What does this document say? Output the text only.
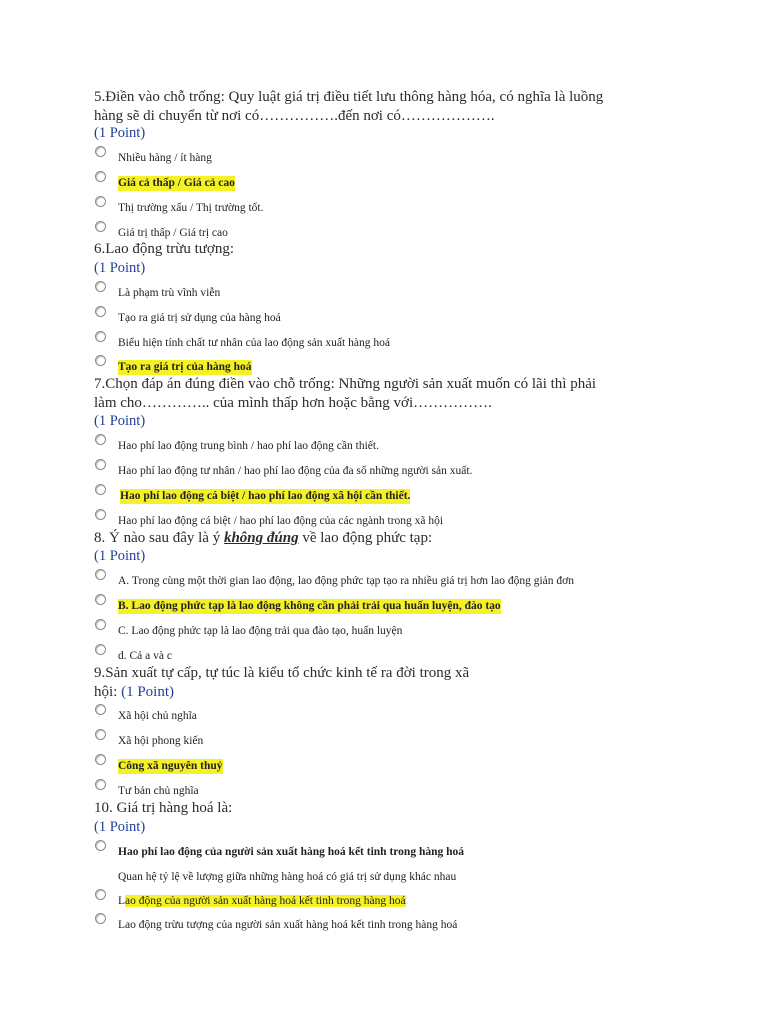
5.Điền vào chỗ trống: Quy luật giá trị điều tiết lưu thông hàng hóa, có nghĩa là luồng
hàng sẽ di chuyển từ nơi có…………….đến nơi có……………….
(1 Point)
Nhiều hàng / ít hàng
Giá cả thấp / Giá cả cao
Thị trường xấu / Thị trường tốt.
Giá trị thấp / Giá trị cao
6.Lao động trừu tượng:
(1 Point)
Là phạm trù vĩnh viễn
Tạo ra giá trị sử dụng của hàng hoá
Biểu hiện tính chất tư nhân của lao động sản xuất hàng hoá
Tạo ra giá trị của hàng hoá
7.Chọn đáp án đúng điền vào chỗ trống: Những người sản xuất muốn có lãi thì phải
làm cho………….. của mình thấp hơn hoặc bằng với…………….
(1 Point)
Hao phí lao động trung bình / hao phí lao động cần thiết.
Hao phí lao động tư nhân / hao phí lao động của đa số những người sản xuất.
Hao phí lao động cá biệt / hao phí lao động xã hội cần thiết.
Hao phí lao động cá biệt / hao phí lao động của các ngành trong xã hội
8. Ý nào sau đây là ý không đúng về lao động phức tạp:
(1 Point)
A. Trong cùng một thời gian lao động, lao động phức tạp tạo ra nhiều giá trị hơn lao động giản đơn
B. Lao động phức tạp là lao động không cần phải trải qua huấn luyện, đào tạo
C. Lao động phức tạp là lao động trải qua đào tạo, huấn luyện
d. Cả a và c
9.Sản xuất tự cấp, tự túc là kiểu tổ chức kinh tế ra đời trong xã
hội: (1 Point)
Xã hội chủ nghĩa
Xã hội phong kiến
Công xã nguyên thuỷ
Tư bản chủ nghĩa
10. Giá trị hàng hoá là:
(1 Point)
Hao phí lao động của người sản xuất hàng hoá kết tinh trong hàng hoá
Quan hệ tỷ lệ về lượng giữa những hàng hoá có giá trị sử dụng khác nhau
Lao động của người sản xuất hàng hoá kết tinh trong hàng hoá
Lao động trừu tượng của người sản xuất hàng hoá kết tinh trong hàng hoá
